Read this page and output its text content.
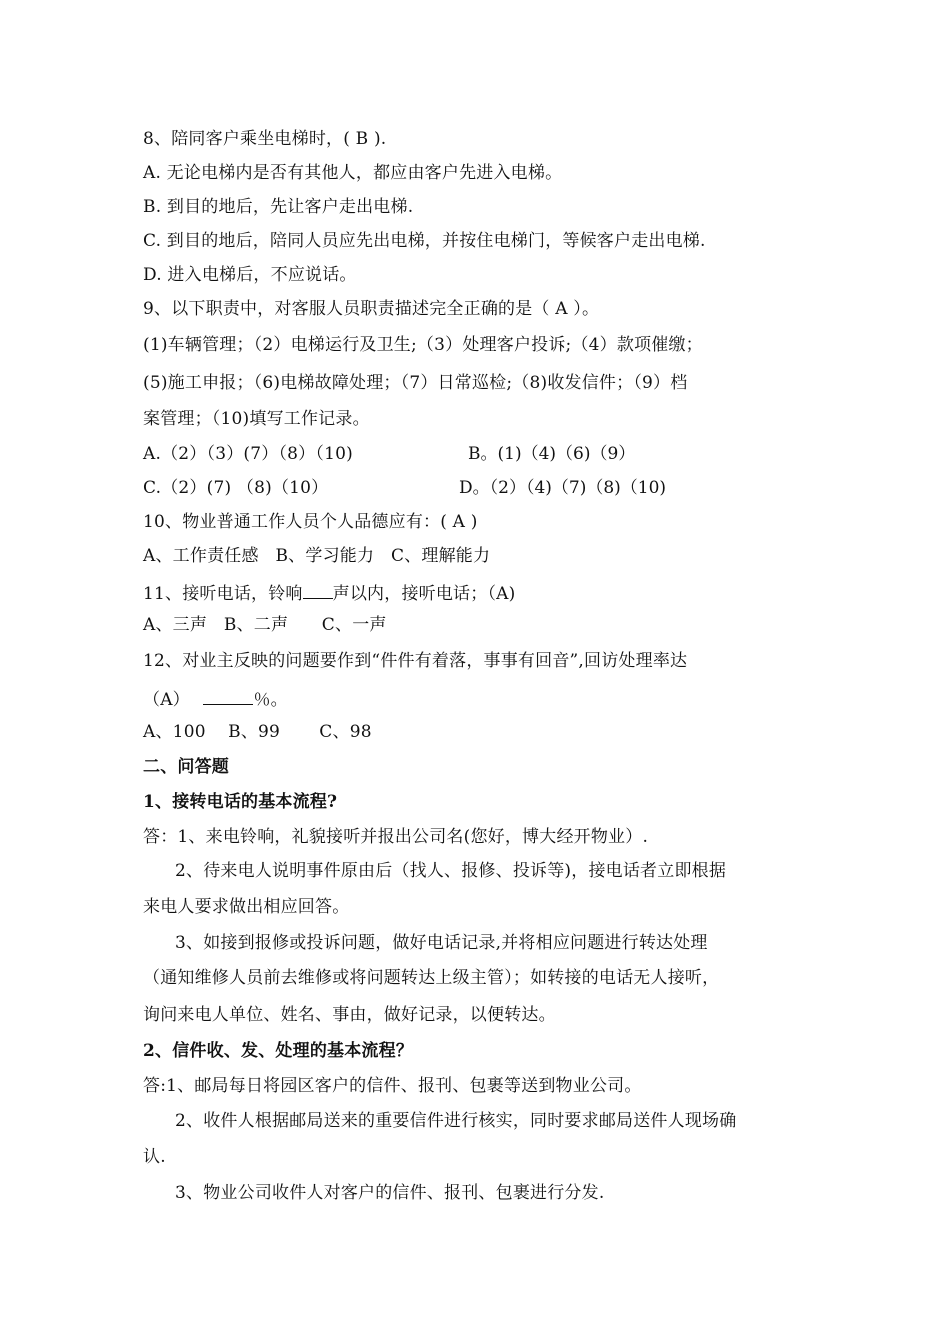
8、陪同客户乘坐电梯时，( B ).
A. 无论电梯内是否有其他人，都应由客户先进入电梯。
B. 到目的地后，先让客户走出电梯.
C. 到目的地后，陪同人员应先出电梯，并按住电梯门，等候客户走出电梯.
D. 进入电梯后，不应说话。
9、以下职责中，对客服人员职责描述完全正确的是（ A ）。
(1)车辆管理；（2）电梯运行及卫生;（3）处理客户投诉;（4）款项催缴；
(5)施工申报；（6)电梯故障处理；（7）日常巡检;（8)收发信件；（9）档
案管理；（10)填写工作记录。
A.（2）（3）(7）（8）（10)	B。(1)（4)（6)（9）
C.（2）(7) （8)（10）	D。（2）（4)（7)（8)（10)
10、物业普通工作人员个人品德应有：( A )
A、工作责任感   B、学习能力   C、理解能力
11、接听电话，铃响 声以内，接听电话；（A)
A、三声   B、二声      C、一声
12、对业主反映的问题要作到“件件有着落，事事有回音”,回访处理率达
（A）	％。
A、100    B、99       C、98
二、问答题
1、接转电话的基本流程?
答：1、来电铃响，礼貌接听并报出公司名(您好，博大经开物业）.
2、待来电人说明事件原由后（找人、报修、投诉等)，接电话者立即根据
来电人要求做出相应回答。
3、如接到报修或投诉问题，做好电话记录,并将相应问题进行转达处理
（通知维修人员前去维修或将问题转达上级主管）；如转接的电话无人接听，
询问来电人单位、姓名、事由，做好记录，以便转达。
2、信件收、发、处理的基本流程？
答:1、邮局每日将园区客户的信件、报刊、包裹等送到物业公司。
2、收件人根据邮局送来的重要信件进行核实，同时要求邮局送件人现场确
认.
3、物业公司收件人对客户的信件、报刊、包裹进行分发.
